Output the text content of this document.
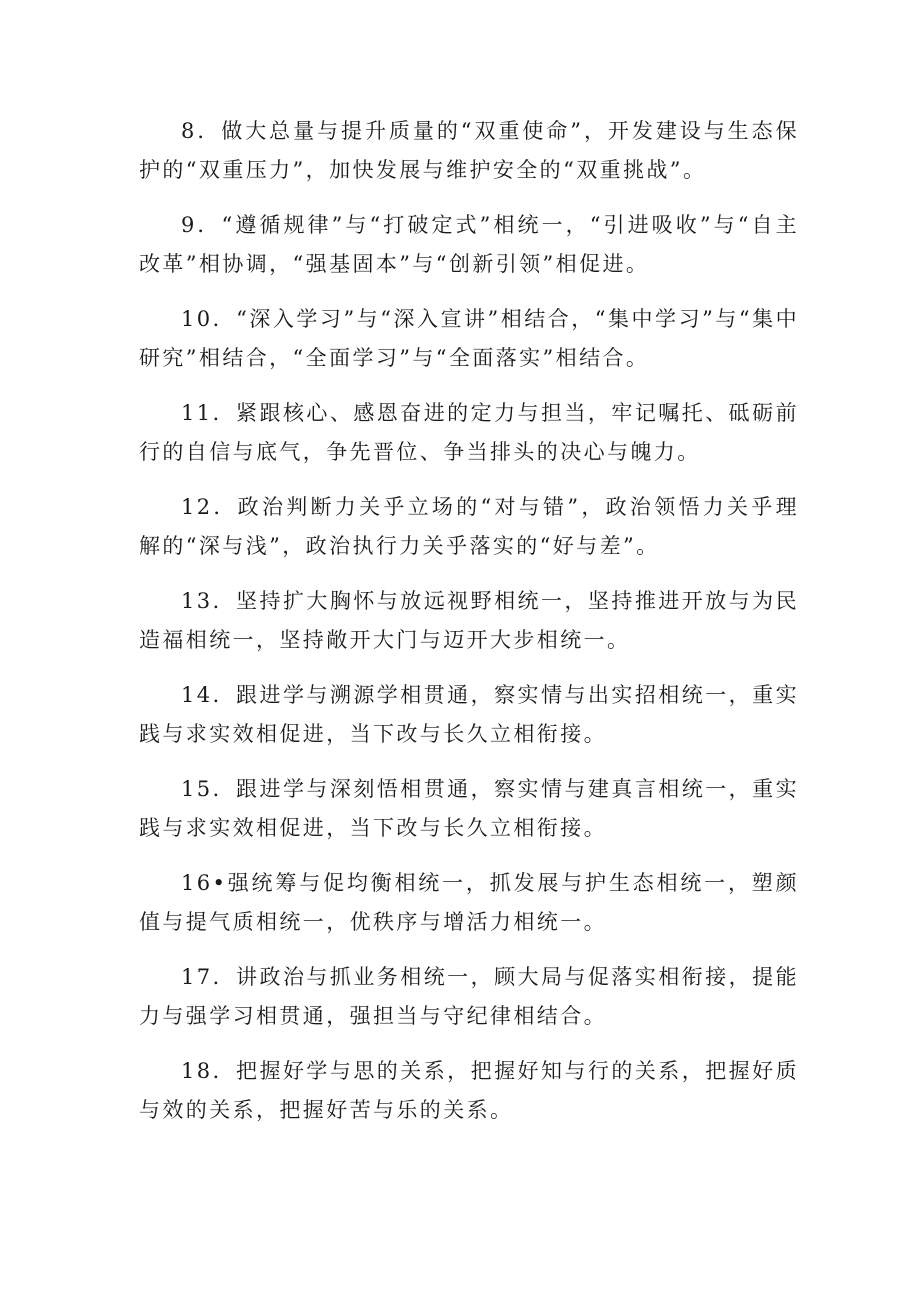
8．做大总量与提升质量的“双重使命”，开发建设与生态保护的“双重压力”，加快发展与维护安全的“双重挑战”。

9．“遵循规律”与“打破定式”相统一，“引进吸收”与“自主改革”相协调，“强基固本”与“创新引领”相促进。

10．“深入学习”与“深入宣讲”相结合，“集中学习”与“集中研究”相结合，“全面学习”与“全面落实”相结合。

11．紧跟核心、感恩奋进的定力与担当，牢记嘱托、砥砺前行的自信与底气，争先晋位、争当排头的决心与魄力。

12．政治判断力关乎立场的“对与错”，政治领悟力关乎理解的“深与浅”，政治执行力关乎落实的“好与差”。

13．坚持扩大胸怀与放远视野相统一，坚持推进开放与为民造福相统一，坚持敞开大门与迈开大步相统一。

14．跟进学与溯源学相贯通，察实情与出实招相统一，重实践与求实效相促进，当下改与长久立相衔接。

15．跟进学与深刻悟相贯通，察实情与建真言相统一，重实践与求实效相促进，当下改与长久立相衔接。

16•强统筹与促均衡相统一，抓发展与护生态相统一，塑颜值与提气质相统一，优秩序与增活力相统一。

17．讲政治与抓业务相统一，顾大局与促落实相衔接，提能力与强学习相贯通，强担当与守纪律相结合。

18．把握好学与思的关系，把握好知与行的关系，把握好质与效的关系，把握好苦与乐的关系。
